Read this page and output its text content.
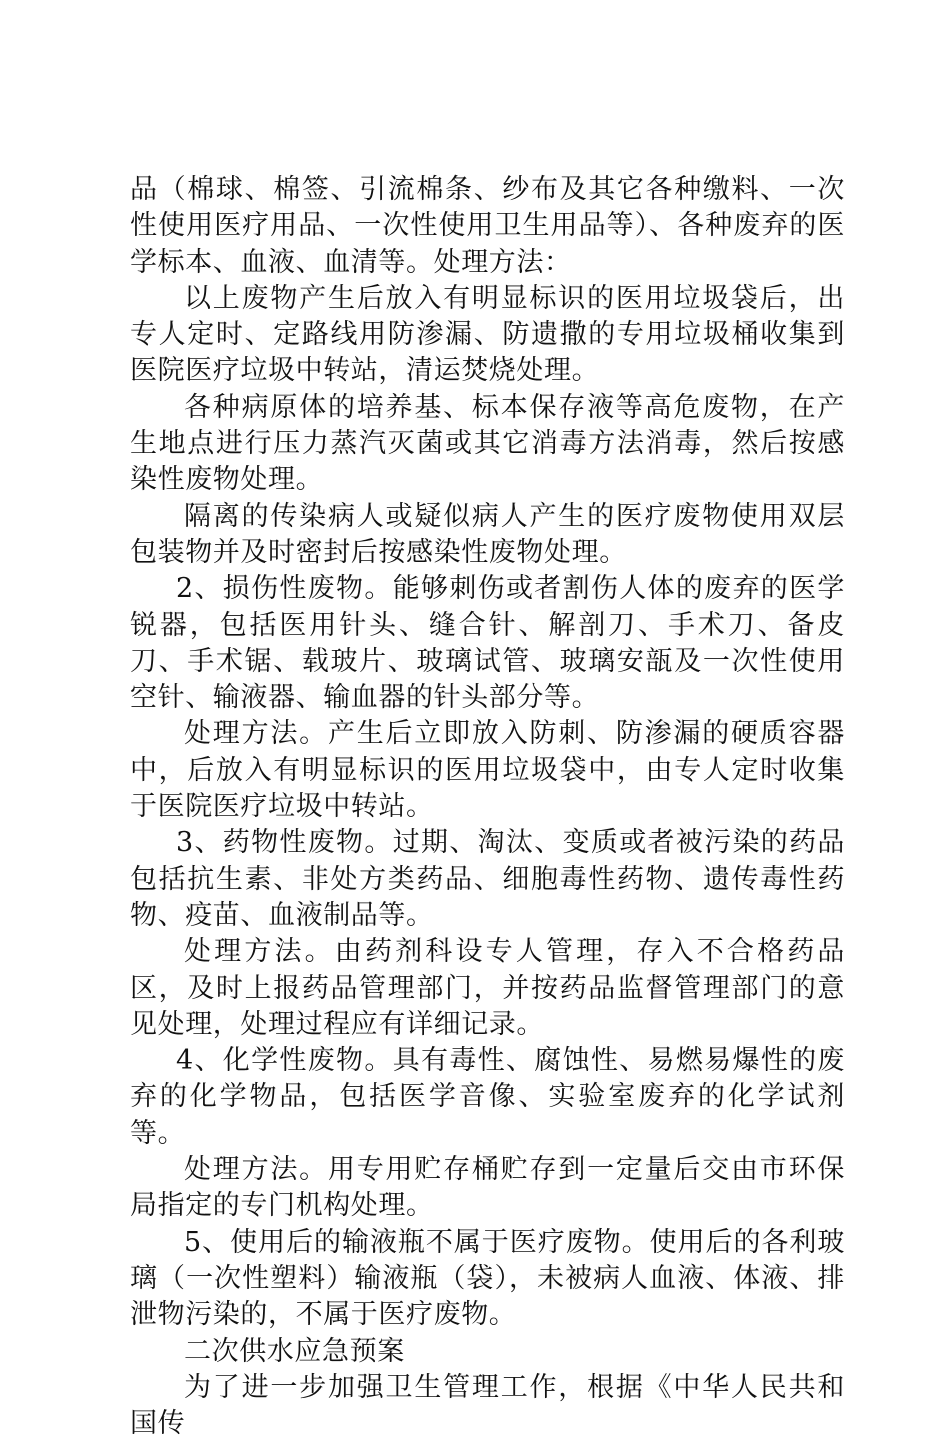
品（棉球、棉签、引流棉条、纱布及其它各种缴料、一次性使用医疗用品、一次性使用卫生用品等）、各种废弃的医学标本、血液、血清等。处理方法：

以上废物产生后放入有明显标识的医用垃圾袋后，出专人定时、定路线用防渗漏、防遗撒的专用垃圾桶收集到医院医疗垃圾中转站，清运焚烧处理。

各种病原体的培养基、标本保存液等高危废物，在产生地点进行压力蒸汽灭菌或其它消毒方法消毒，然后按感染性废物处理。

隔离的传染病人或疑似病人产生的医疗废物使用双层包装物并及时密封后按感染性废物处理。

2、损伤性废物。能够刺伤或者割伤人体的废弃的医学锐器，包括医用针头、缝合针、解剖刀、手术刀、备皮刀、手术锯、载玻片、玻璃试管、玻璃安瓿及一次性使用空针、输液器、输血器的针头部分等。

处理方法。产生后立即放入防刺、防渗漏的硬质容器中，后放入有明显标识的医用垃圾袋中，由专人定时收集于医院医疗垃圾中转站。

3、药物性废物。过期、淘汰、变质或者被污染的药品包括抗生素、非处方类药品、细胞毒性药物、遗传毒性药物、疫苗、血液制品等。

处理方法。由药剂科设专人管理，存入不合格药品区，及时上报药品管理部门，并按药品监督管理部门的意见处理，处理过程应有详细记录。

4、化学性废物。具有毒性、腐蚀性、易燃易爆性的废弃的化学物品，包括医学音像、实验室废弃的化学试剂等。

处理方法。用专用贮存桶贮存到一定量后交由市环保局指定的专门机构处理。

5、使用后的输液瓶不属于医疗废物。使用后的各利玻璃（一次性塑料）输液瓶（袋），未被病人血液、体液、排泄物污染的，不属于医疗废物。

二次供水应急预案

为了进一步加强卫生管理工作，根据《中华人民共和国传
